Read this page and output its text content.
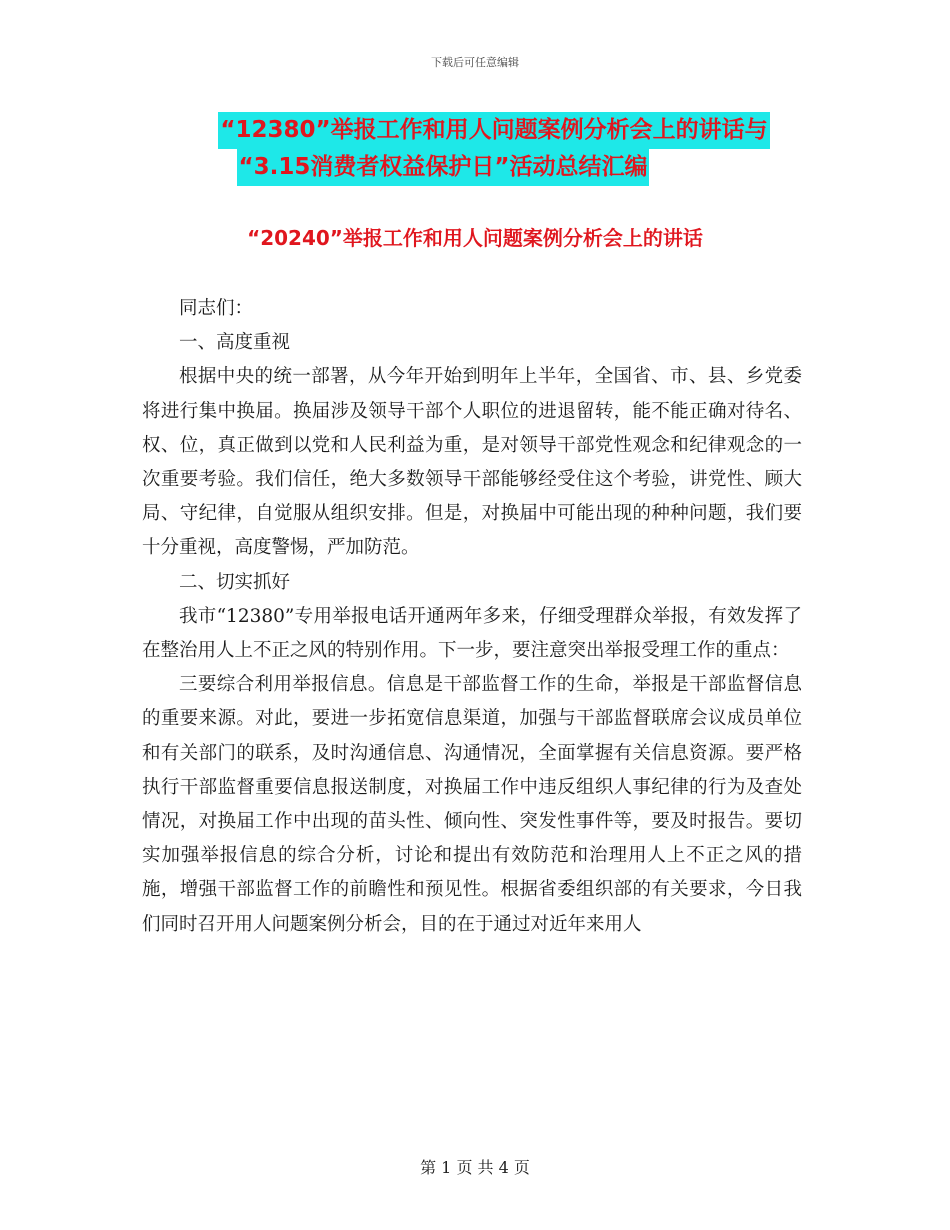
下载后可任意编辑
“12380”举报工作和用人问题案例分析会上的讲话与
“3.15消费者权益保护日”活动总结汇编
“20240”举报工作和用人问题案例分析会上的讲话

同志们：

一、高度重视

根据中央的统一部署，从今年开始到明年上半年，全国省、市、县、乡党委将进行集中换届。换届涉及领导干部个人职位的进退留转，能不能正确对待名、权、位，真正做到以党和人民利益为重，是对领导干部党性观念和纪律观念的一次重要考验。我们信任，绝大多数领导干部能够经受住这个考验，讲党性、顾大局、守纪律，自觉服从组织安排。但是，对换届中可能出现的种种问题，我们要十分重视，高度警惕，严加防范。

二、切实抓好

我市“12380”专用举报电话开通两年多来，仔细受理群众举报，有效发挥了在整治用人上不正之风的特别作用。下一步，要注意突出举报受理工作的重点：

三要综合利用举报信息。信息是干部监督工作的生命，举报是干部监督信息的重要来源。对此，要进一步拓宽信息渠道，加强与干部监督联席会议成员单位和有关部门的联系，及时沟通信息、沟通情况，全面掌握有关信息资源。要严格执行干部监督重要信息报送制度，对换届工作中违反组织人事纪律的行为及查处情况，对换届工作中出现的苗头性、倾向性、突发性事件等，要及时报告。要切实加强举报信息的综合分析，讨论和提出有效防范和治理用人上不正之风的措施，增强干部监督工作的前瞻性和预见性。根据省委组织部的有关要求，今日我们同时召开用人问题案例分析会，目的在于通过对近年来用人

第 1 页 共 4 页
